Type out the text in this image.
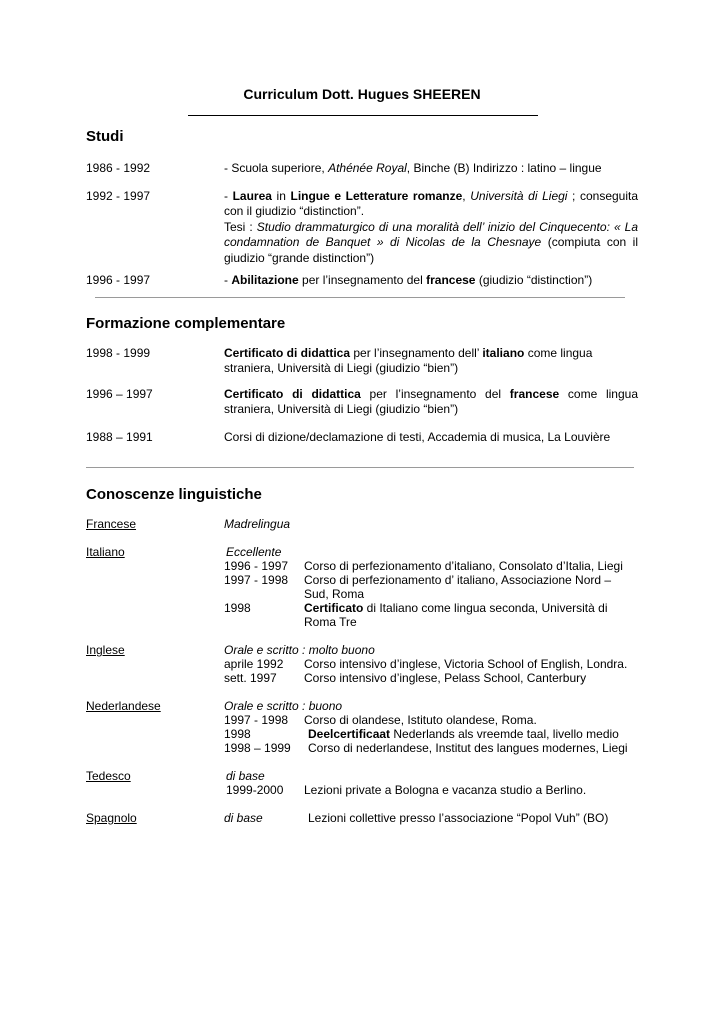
Curriculum Dott. Hugues SHEEREN
Studi
1986 - 1992	- Scuola superiore, Athénée Royal, Binche (B) Indirizzo : latino – lingue
1992 - 1997	- Laurea in Lingue e Letterature romanze, Università di Liegi ; conseguita con il giudizio “distinction”.
Tesi : Studio drammaturgico di una moralità dell’ inizio del Cinquecento: « La condamnation de Banquet » di Nicolas de la Chesnaye (compiuta con il giudizio “grande distinction”)
1996 - 1997	- Abilitazione per l’insegnamento del francese (giudizio “distinction”)
Formazione complementare
1998 - 1999	Certificato di didattica per l’insegnamento dell’ italiano come lingua straniera, Università di Liegi (giudizio “bien”)
1996 – 1997	Certificato di didattica per l’insegnamento del francese come lingua straniera, Università di Liegi (giudizio “bien”)
1988 – 1991	Corsi di dizione/declamazione di testi, Accademia di musica, La Louvière
Conoscenze linguistiche
Francese	Madrelingua
Italiano	Eccellente
1996 - 1997 Corso di perfezionamento d’italiano, Consolato d’Italia, Liegi
1997 - 1998 Corso di perfezionamento d’ italiano, Associazione Nord – Sud, Roma
1998	Certificato di Italiano come lingua seconda, Università di Roma Tre
Inglese	Orale e scritto : molto buono
aprile 1992 Corso intensivo d’inglese, Victoria School of English, Londra.
sett. 1997 Corso intensivo d’inglese, Pelass School, Canterbury
Nederlandese	Orale e scritto : buono
1997 - 1998 Corso di olandese, Istituto olandese, Roma.
1998	Deelcertificaat Nederlands als vreemde taal, livello medio
1998 – 1999 Corso di nederlandese, Institut des langues modernes, Liegi
Tedesco	di base
1999-2000 Lezioni private a Bologna e vacanza studio a Berlino.
Spagnolo	di base	Lezioni collettive presso l’associazione “Popol Vuh” (BO)
